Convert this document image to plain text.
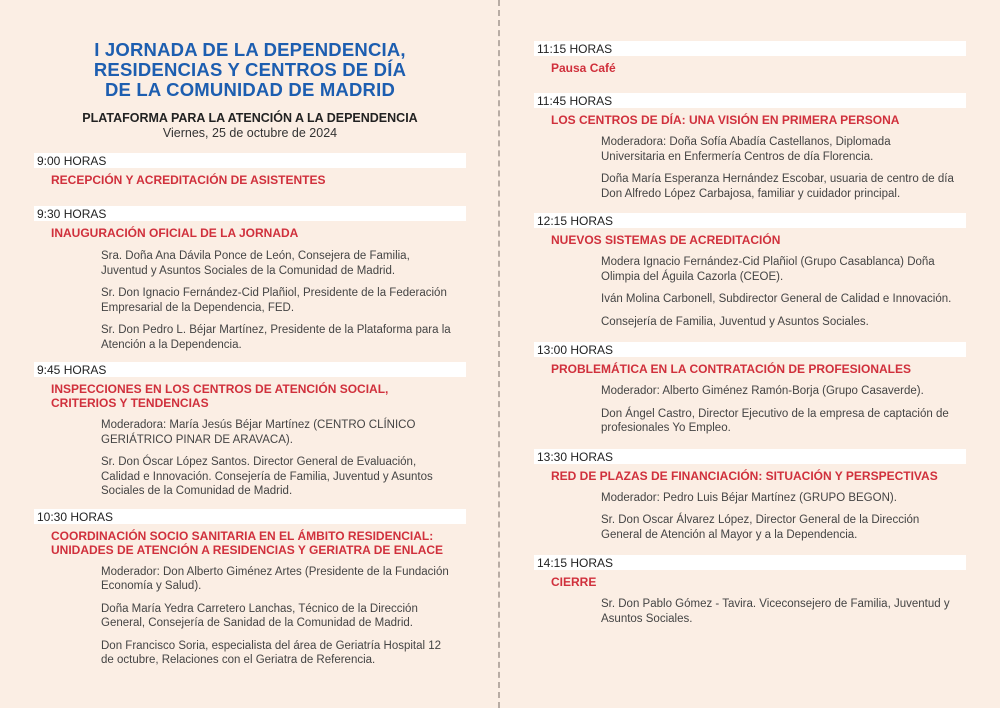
I JORNADA DE LA DEPENDENCIA,
RESIDENCIAS Y CENTROS DE DÍA
DE LA COMUNIDAD DE MADRID
PLATAFORMA PARA LA ATENCIÓN A LA DEPENDENCIA
Viernes, 25 de octubre de 2024
9:00 HORAS
RECEPCIÓN Y ACREDITACIÓN DE ASISTENTES
9:30 HORAS
INAUGURACIÓN OFICIAL DE LA JORNADA
Sra. Doña Ana Dávila Ponce de León, Consejera de Familia, Juventud y Asuntos Sociales de la Comunidad de Madrid.
Sr. Don Ignacio Fernández-Cid Plañiol, Presidente de la Federación Empresarial de la Dependencia, FED.
Sr. Don Pedro L. Béjar Martínez, Presidente de la Plataforma para la Atención a la Dependencia.
9:45 HORAS
INSPECCIONES EN LOS CENTROS DE ATENCIÓN SOCIAL, CRITERIOS Y TENDENCIAS
Moderadora: María Jesús Béjar Martínez (CENTRO CLÍNICO GERIÁTRICO PINAR DE ARAVACA).
Sr. Don Óscar López Santos. Director General de Evaluación, Calidad e Innovación. Consejería de Familia, Juventud y Asuntos Sociales de la Comunidad de Madrid.
10:30 HORAS
COORDINACIÓN SOCIO SANITARIA EN EL ÁMBITO RESIDENCIAL: UNIDADES DE ATENCIÓN A RESIDENCIAS Y GERIATRA DE ENLACE
Moderador: Don Alberto Giménez Artes (Presidente de la Fundación Economía y Salud).
Doña María Yedra Carretero Lanchas, Técnico de la Dirección General, Consejería de Sanidad de la Comunidad de Madrid.
Don Francisco Soria, especialista del área de Geriatría Hospital 12 de octubre, Relaciones con el Geriatra de Referencia.
11:15 HORAS
Pausa Café
11:45 HORAS
LOS CENTROS DE DÍA: UNA VISIÓN EN PRIMERA PERSONA
Moderadora: Doña Sofía Abadía Castellanos, Diplomada Universitaria en Enfermería Centros de día Florencia.
Doña María Esperanza Hernández Escobar, usuaria de centro de día Don Alfredo López Carbajosa, familiar y cuidador principal.
12:15 HORAS
NUEVOS SISTEMAS DE ACREDITACIÓN
Modera Ignacio Fernández-Cid Plañiol (Grupo Casablanca) Doña Olimpia del Águila Cazorla (CEOE).
Iván Molina Carbonell, Subdirector General de Calidad e Innovación.
Consejería de Familia, Juventud y Asuntos Sociales.
13:00 HORAS
PROBLEMÁTICA EN LA CONTRATACIÓN DE PROFESIONALES
Moderador: Alberto Giménez Ramón-Borja (Grupo Casaverde).
Don Ángel Castro, Director Ejecutivo de la empresa de captación de profesionales Yo Empleo.
13:30 HORAS
RED DE PLAZAS DE FINANCIACIÓN: SITUACIÓN Y PERSPECTIVAS
Moderador: Pedro Luis Béjar Martínez (GRUPO BEGON).
Sr. Don Oscar Álvarez López, Director General de la Dirección General de Atención al Mayor y a la Dependencia.
14:15 HORAS
CIERRE
Sr. Don Pablo Gómez - Tavira. Viceconsejero de Familia, Juventud y Asuntos Sociales.
